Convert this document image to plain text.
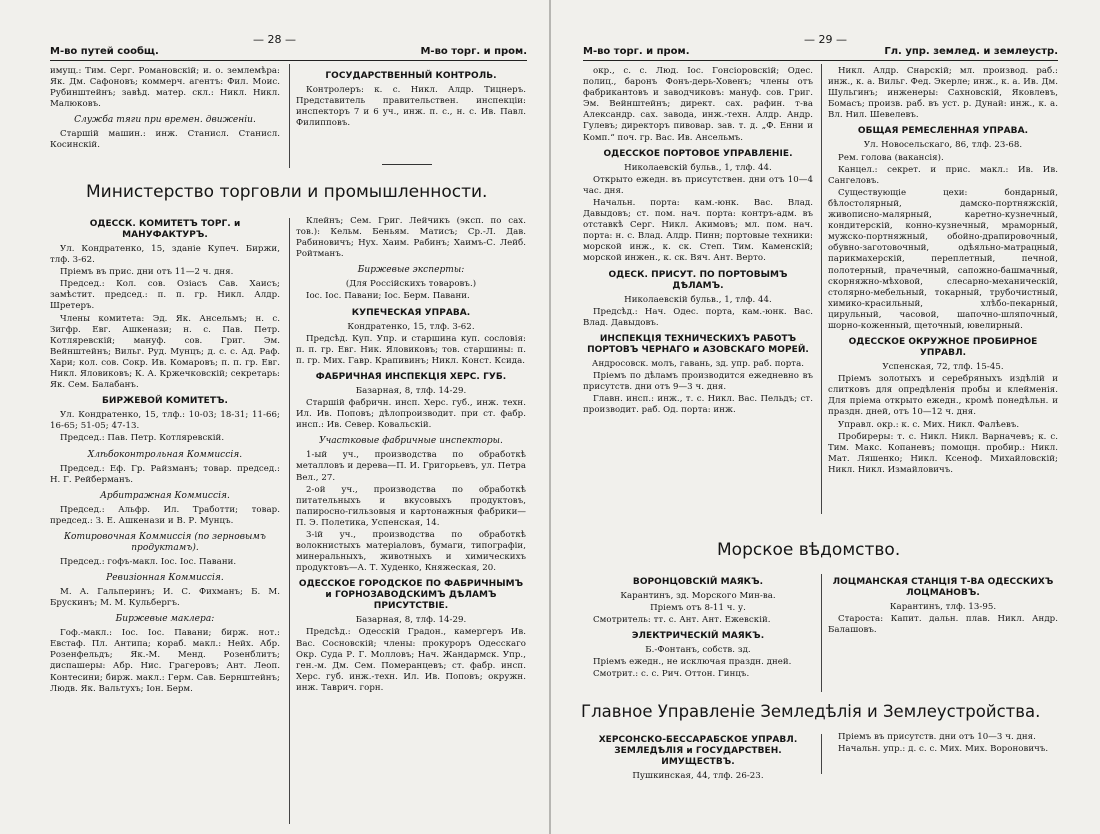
— 28 —
М-во путей сообщ.	М-во торг. и пром.

имущ.: Тим. Серг. Романовскiй; и. о. землемѣра: Як. Дм. Сафоновъ; коммерч. агентъ: Фил. Моис. Рубинштейнъ; завѣд. матер. скл.: Никл. Никл. Малюковъ.

Служба тяги при времен. движеніи.

Старшій машин.: инж. Станисл. Станисл. Косинскій.

ГОСУДАРСТВЕННЫЙ КОНТРОЛЬ.

Контролеръ: к. с. Никл. Алдр. Тицнеръ. Представитель правительствен. инспекціи: инспекторъ 7 и 6 уч., инж. п. с., н. с. Ив. Павл. Филипповъ.

Министерство торговли и промышленности.
ОДЕССК. КОМИТЕТЪ ТОРГ. и МАНУФАКТУРЪ.

Ул. Кондратенко, 15, зданіе Купеч. Биржи, тлф. 3-62.

Пріемъ въ прис. дни отъ 11—2 ч. дня.

Председ.: Кол. сов. Озіасъ Сав. Хаисъ; замѣстит. председ.: п. п. гр. Никл. Алдр. Шретеръ.

Члены комитета: Эд. Як. Ансельмъ; н. с. Зигфр. Евг. Ашкенази; н. с. Пав. Петр. Котляревскій; мануф. сов. Григ. Эм. Вейнштейнъ; Вильг. Руд. Мунцъ; д. с. с. Ад. Раф. Хари; кол. сов. Сокр. Ив. Комаровъ; п. п. гр. Евг. Никл. Яловиковъ; К. А. Кржечковскій; секретарь: Як. Сем. Балабанъ.

БИРЖЕВОЙ КОМИТЕТЪ.

Ул. Кондратенко, 15, тлф.: 10-03; 18-31; 11-66; 16-65; 51-05; 47-13.

Председ.: Пав. Петр. Котляревскій.

Хлѣбоконтрольная Коммиссія.

Председ.: Еф. Гр. Райзманъ; товар. председ.: Н. Г. Рейберманъ.

Арбитражная Коммиссія.

Председ.: Альфр. Ил. Тработти; товар. председ.: З. Е. Ашкенази и В. Р. Мунцъ.

Котировочная Коммиссія (по зерновымъ продуктамъ).

Председ.: гофъ-макл. Іос. Іос. Павани.

Ревизіонная Коммиссія.

М. А. Гальперинъ; И. С. Фихманъ; Б. М. Брускинъ; М. М. Кульбергъ.

Биржевые маклера:

Гоф.-макл.: Іос. Іос. Павани; бирж. нот.: Евстаф. Пл. Антипа; кораб. макл.: Нейх. Абр. Розенфельдъ; Як.-М. Менд. Розенблитъ; диспашеры: Абр. Нис. Грагеровъ; Ант. Леоп. Контесини; бирж. макл.: Герм. Сав. Бернштейнъ; Людв. Як. Вальтухъ; Іон. Берм.

Клейнъ; Сем. Григ. Лейчикъ (эксп. по сах. тов.): Кельм. Беньям. Матисъ; Ср.-Л. Дав. Рабиновичъ; Нух. Хаим. Рабинъ; Хаимъ-С. Лейб. Ройтманъ.

Биржевые эксперты:

(Для Россійскихъ товаровъ.)

Іос. Іос. Павани; Іос. Берм. Павани.

КУПЕЧЕСКАЯ УПРАВА.

Кондратенко, 15, тлф. 3-62.

Предсѣд. Куп. Упр. и старшина куп. сословія: п. п. гр. Евг. Ник. Яловиковъ; тов. старшины: п. п. гр. Мих. Гавр. Крапивинъ; Никл. Конст. Ксида.

ФАБРИЧНАЯ ИНСПЕКЦІЯ ХЕРС. ГУБ.

Базарная, 8, тлф. 14-29.

Старшій фабричн. инсп. Херс. губ., инж. техн. Ил. Ив. Поповъ; дѣлопроизводит. при ст. фабр. инсп.: Ив. Север. Ковальскій.

Участковые фабричные инспекторы.

1-ый уч., производства по обработкѣ металловъ и дерева—П. И. Григорьевъ, ул. Петра Вел., 27.

2-ой уч., производства по обработкѣ питательныхъ и вкусовыхъ продуктовъ, папиросно-гильзовыя и картонажныя фабрики—П. Э. Полетика, Успенская, 14.

3-ій уч., производства по обработкѣ волокнистыхъ матеріаловъ, бумаги, типографіи, минеральныхъ, животныхъ и химическихъ продуктовъ—А. Т. Худенко, Княжеская, 20.

ОДЕССКОЕ ГОРОДСКОЕ ПО ФАБРИЧНЫМЪ и ГОРНОЗАВОДСКИМЪ ДѢЛАМЪ ПРИСУТСТВІЕ.

Базарная, 8, тлф. 14-29.

Предсѣд.: Одесскій Градон., камергеръ Ив. Вас. Сосновскій; члены: прокуроръ Одесскаго Окр. Суда Р. Г. Молловъ; Нач. Жандармск. Упр., ген.-м. Дм. Сем. Померанцевъ; ст. фабр. инсп. Херс. губ. инж.-техн. Ил. Ив. Поповъ; окружн. инж. Таврич. горн.

— 29 —
М-во торг. и пром.	Гл. упр. землед. и землеустр.

окр., с. с. Люд. Іос. Гонсіоровскій; Одес. полиц., баронъ Фонъ-дерь-Ховенъ; члены отъ фабрикантовъ и заводчиковъ: мануф. сов. Григ. Эм. Вейнштейнъ; директ. сах. рафин. т-ва Александр. сах. завода, инж.-техн. Алдр. Андр. Гулевъ; директоръ пивовар. зав. т. д. „Ф. Енни и Комп.“ поч. гр. Вас. Ив. Ансельмъ.

ОДЕССКОЕ ПОРТОВОЕ УПРАВЛЕНІЕ.

Николаевскій бульв., 1, тлф. 44.

Открыто ежедн. въ присутствен. дни отъ 10—4 час. дня.

Начальн. порта: кам.-юнк. Вас. Влад. Давыдовъ; ст. пом. нач. порта: контръ-адм. въ отставкѣ Серг. Никл. Акимовъ; мл. пом. нач. порта: н. с. Влад. Алдр. Пинн; портовые техники: морской инж., к. ск. Степ. Тим. Каменскій; морской инжен., к. ск. Вяч. Ант. Верто.

ОДЕСК. ПРИСУТ. ПО ПОРТОВЫМЪ ДѢЛАМЪ.

Николаевскій бульв., 1, тлф. 44.

Предсѣд.: Нач. Одес. порта, кам.-юнк. Вас. Влад. Давыдовъ.

ИНСПЕКЦІЯ ТЕХНИЧЕСКИХЪ РАБОТЪ ПОРТОВЪ ЧЕРНАГО и АЗОВСКАГО МОРЕЙ.

Андросовск. молъ, гавань, зд. упр. раб. порта.

Пріемъ по дѣламъ производится ежедневно въ присутств. дни отъ 9—3 ч. дня.

Главн. инсп.: инж., т. с. Никл. Вас. Пельдъ; ст. производит. раб. Од. порта: инж.

Никл. Алдр. Снарскій; мл. производ. раб.: инж., к. а. Вильг. Фед. Экерле; инж., к. а. Ив. Дм. Шульгинъ; инженеры: Сахновскій, Яковлевъ, Бомасъ; произв. раб. въ уст. р. Дунай: инж., к. а. Вл. Нил. Шевелевъ.

ОБЩАЯ РЕМЕСЛЕННАЯ УПРАВА.

Ул. Новосельскаго, 86, тлф. 23-68.

Рем. голова (вакансія).

Канцел.: секрет. и прис. макл.: Ив. Ив. Сангеловъ.

Существующіе цехи: бондарный, бѣлостолярный, дамско-портняжскій, живописно-малярный, каретно-кузнечный, кондитерскій, конно-кузнечный, мраморный, мужско-портняжный, обойно-драпировочный, обувно-заготовочный, одѣяльно-матрацный, парикмахерскій, переплетный, печной, полотерный, прачечный, сапожно-башмачный, скорняжно-мѣховой, слесарно-механическій, столярно-мебельный, токарный, трубочистный, химико-красильный, хлѣбо-пекарный, цирульный, часовой, шапочно-шляпочный, шорно-коженный, щеточный, ювелирный.

ОДЕССКОЕ ОКРУЖНОЕ ПРОБИРНОЕ УПРАВЛ.

Успенская, 72, тлф. 15-45.

Пріемъ золотыхъ и серебряныхъ издѣлій и слитковъ для опредѣленія пробы и клейменія. Для пріема открыто ежедн., кромѣ понедѣльн. и праздн. дней, отъ 10—12 ч. дня.

Управл. окр.: к. с. Мих. Никл. Фалѣевъ.

Пробиреры: т. с. Никл. Никл. Варначевъ; к. с. Тим. Макс. Копаневъ; помощн. пробир.: Никл. Мат. Ляшенко; Никл. Ксеноф. Михайловскій; Никл. Никл. Измайловичъ.

Морское вѣдомство.
ВОРОНЦОВСКІЙ МАЯКЪ.

Карантинъ, зд. Морского Мин-ва.

Пріемъ отъ 8-11 ч. у.

Смотритель: тт. с. Ант. Ант. Ежевскій.

ЭЛЕКТРИЧЕСКІЙ МАЯКЪ.

Б.-Фонтанъ, собств. зд.

Пріемъ ежедн., не исключая праздн. дней.

Смотрит.: с. с. Рич. Оттон. Гинцъ.

ЛОЦМАНСКАЯ СТАНЦІЯ Т-ВА ОДЕССКИХЪ ЛОЦМАНОВЪ.

Карантинъ, тлф. 13-95.

Староста: Капит. дальн. плав. Никл. Андр. Балашовъ.

Главное Управленіе Земледѣлія и Землеустройства.
ХЕРСОНСКО-БЕССАРАБСКОЕ УПРАВЛ. ЗЕМЛЕДѢЛІЯ и ГОСУДАРСТВЕН. ИМУЩЕСТВЪ.

Пушкинская, 44, тлф. 26-23.

Пріемъ въ присутств. дни отъ 10—3 ч. дня.

Начальн. упр.: д. с. с. Мих. Мих. Вороновичъ.
